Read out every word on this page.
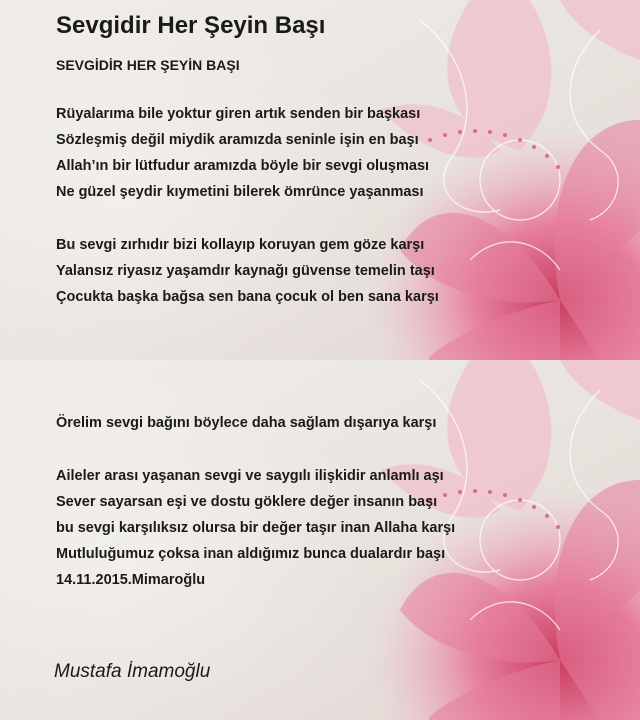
Sevgidir Her Şeyin Başı

SEVGİDİR HER ŞEYİN BAŞI

Rüyalarıma bile yoktur giren artık senden bir başkası

Sözleşmiş değil miydik aramızda seninle işin en başı

Allah’ın bir lütfudur aramızda böyle bir sevgi oluşması

Ne güzel şeydir kıymetini bilerek ömrünce yaşanması

Bu sevgi zırhıdır bizi kollayıp koruyan gem göze karşı

Yalansız riyasız yaşamdır kaynağı güvense temelin taşı

Çocukta başka bağsa sen bana çocuk ol ben sana karşı

Örelim sevgi bağını böylece daha sağlam dışarıya karşı

Aileler arası yaşanan sevgi ve saygılı ilişkidir anlamlı aşı

Sever sayarsan eşi ve dostu göklere değer insanın başı

bu sevgi karşılıksız olursa bir değer taşır inan Allaha karşı

Mutluluğumuz çoksa inan aldığımız bunca dualardır başı

14.11.2015.Mimaroğlu

Mustafa İmamoğlu
